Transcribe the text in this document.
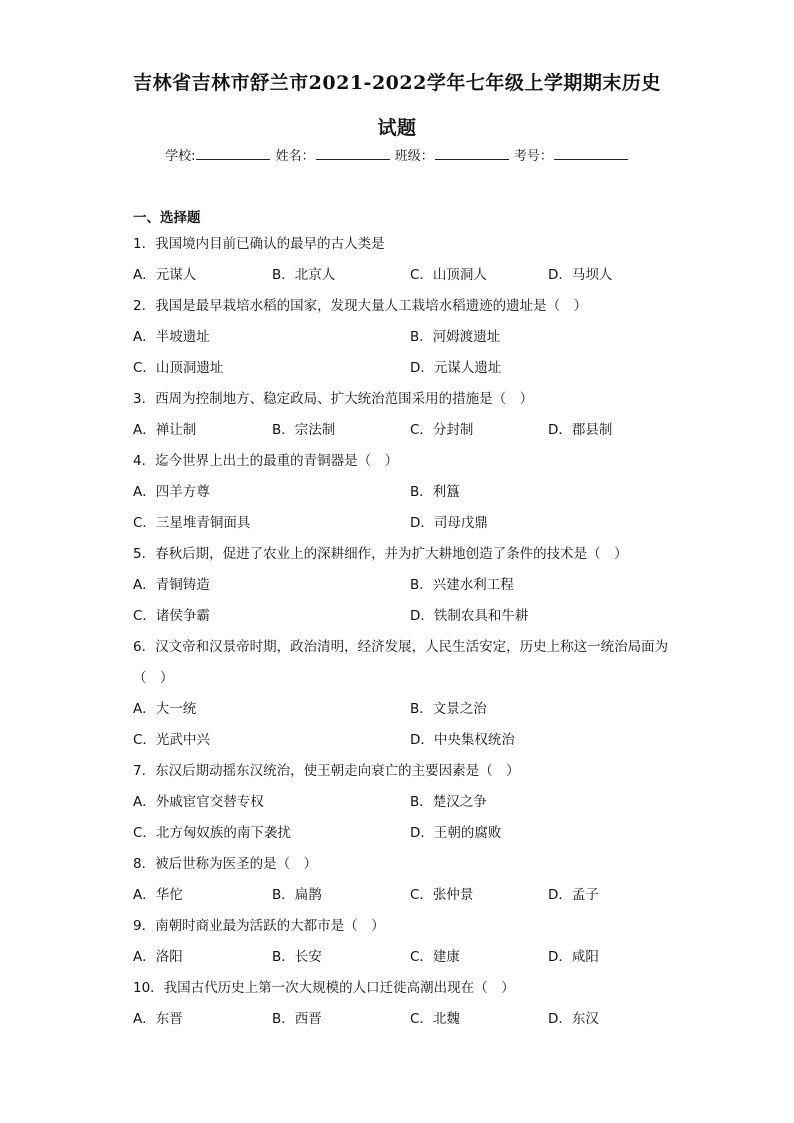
吉林省吉林市舒兰市2021-2022学年七年级上学期期末历史
试题
学校:	姓名：	班级：	考号：
一、选择题
1．我国境内目前已确认的最早的古人类是
A．元谋人	B．北京人	C．山顶洞人	D．马坝人
2．我国是最早栽培水稻的国家，发现大量人工栽培水稻遗迹的遗址是（　）
A．半坡遗址	B．河姆渡遗址
C．山顶洞遗址	D．元谋人遗址
3．西周为控制地方、稳定政局、扩大统治范围采用的措施是（　）
A．禅让制	B．宗法制	C．分封制	D．郡县制
4．迄今世界上出土的最重的青铜器是（　）
A．四羊方尊	B．利簋
C．三星堆青铜面具	D．司母戊鼎
5．春秋后期，促进了农业上的深耕细作，并为扩大耕地创造了条件的技术是（　）
A．青铜铸造	B．兴建水利工程
C．诸侯争霸	D．铁制农具和牛耕
6．汉文帝和汉景帝时期，政治清明，经济发展，人民生活安定，历史上称这一统治局面为（　）
A．大一统	B．文景之治
C．光武中兴	D．中央集权统治
7．东汉后期动摇东汉统治，使王朝走向衰亡的主要因素是（　）
A．外戚宦官交替专权	B．楚汉之争
C．北方匈奴族的南下袭扰	D．王朝的腐败
8．被后世称为医圣的是（　）
A．华佗	B．扁鹊	C．张仲景	D．孟子
9．南朝时商业最为活跃的大都市是（　）
A．洛阳	B．长安	C．建康	D．咸阳
10．我国古代历史上第一次大规模的人口迁徙高潮出现在（　）
A．东晋	B．西晋	C．北魏	D．东汉
